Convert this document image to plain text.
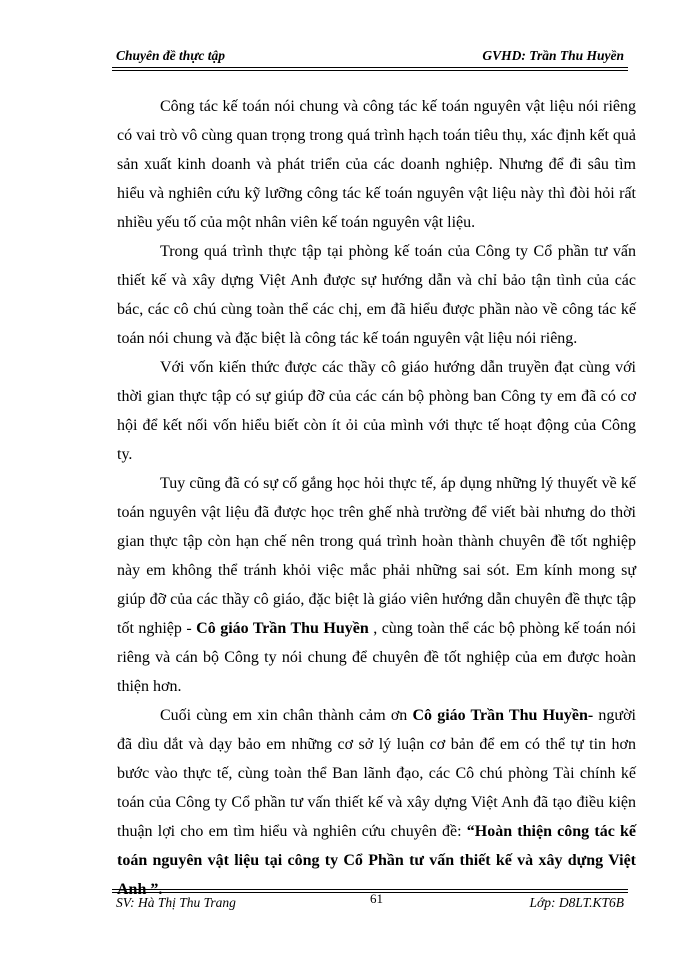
Chuyên đề thực tập	GVHD: Trần Thu Huyền

Công tác kế toán nói chung và công tác kế toán nguyên vật liệu nói riêng có vai trò vô cùng quan trọng trong quá trình hạch toán tiêu thụ, xác định kết quả sản xuất kinh doanh và phát triển của các doanh nghiệp. Nhưng để đi sâu tìm hiểu và nghiên cứu kỹ lưỡng công tác kế toán nguyên vật liệu này thì đòi hỏi rất nhiều yếu tố của một nhân viên kế toán nguyên vật liệu.

Trong quá trình thực tập tại phòng kế toán của Công ty Cổ phần tư vấn thiết kế và xây dựng Việt Anh được sự hướng dẫn và chỉ bảo tận tình của các bác, các cô chú cùng toàn thể các chị, em đã hiểu được phần nào về công tác kế toán nói chung và đặc biệt là công tác kế toán nguyên vật liệu nói riêng.

Với vốn kiến thức được các thầy cô giáo hướng dẫn truyền đạt cùng với thời gian thực tập có sự giúp đỡ của các cán bộ phòng ban Công ty em đã có cơ hội để kết nối vốn hiểu biết còn ít ỏi của mình với thực tế hoạt động của Công ty.

Tuy cũng đã có sự cố gắng học hỏi thực tế, áp dụng những lý thuyết về kế toán nguyên vật liệu đã được học trên ghế nhà trường để viết bài nhưng do thời gian thực tập còn hạn chế nên trong quá trình hoàn thành chuyên đề tốt nghiệp này em không thể tránh khỏi việc mắc phải những sai sót. Em kính mong sự giúp đỡ của các thầy cô giáo, đặc biệt là giáo viên hướng dẫn chuyên đề thực tập tốt nghiệp - Cô giáo Trần Thu Huyền , cùng toàn thể các bộ phòng kế toán nói riêng và cán bộ Công ty nói chung để chuyên đề tốt nghiệp của em được hoàn thiện hơn.

Cuối cùng em xin chân thành cảm ơn Cô giáo Trần Thu Huyền- người đã dìu dắt và dạy bảo em những cơ sở lý luận cơ bản để em có thể tự tin hơn bước vào thực tế, cùng toàn thể Ban lãnh đạo, các Cô chú phòng Tài chính kế toán của Công ty Cổ phần tư vấn thiết kế và xây dựng Việt Anh đã tạo điều kiện thuận lợi cho em tìm hiểu và nghiên cứu chuyên đề: “Hoàn thiện công tác kế toán nguyên vật liệu tại công ty Cổ Phần tư vấn thiết kế và xây dựng Việt Anh ”.

SV: Hà Thị Thu Trang	61	Lớp: D8LT.KT6B
